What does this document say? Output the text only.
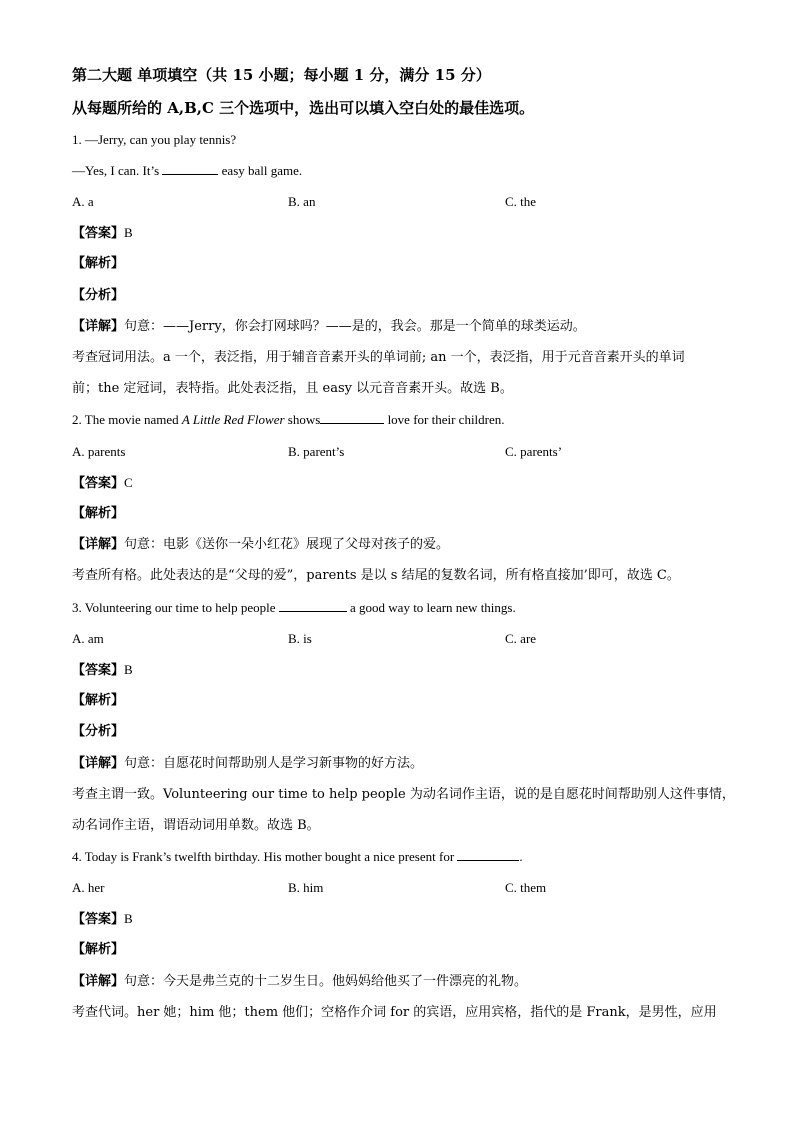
第二大题 单项填空（共 15 小题；每小题 1 分，满分 15 分）
从每题所给的 A,B,C 三个选项中，选出可以填入空白处的最佳选项。
1. —Jerry, can you play tennis?
—Yes, I can. It’s	easy ball game.
A. a	B. an	C. the
【答案】B
【解析】
【分析】
【详解】句意：——Jerry，你会打网球吗？——是的，我会。那是一个简单的球类运动。
考查冠词用法。a 一个，表泛指，用于辅音音素开头的单词前; an 一个，表泛指，用于元音音素开头的单词
前；the 定冠词，表特指。此处表泛指，且 easy 以元音音素开头。故选 B。
2. The movie named A Little Red Flower shows	love for their children.
A. parents	B. parent’s	C. parents’
【答案】C
【解析】
【详解】句意：电影《送你一朵小红花》展现了父母对孩子的爱。
考查所有格。此处表达的是“父母的爱”，parents 是以 s 结尾的复数名词，所有格直接加’即可，故选 C。
3. Volunteering our time to help people	a good way to learn new things.
A. am	B. is	C. are
【答案】B
【解析】
【分析】
【详解】句意：自愿花时间帮助别人是学习新事物的好方法。
考查主谓一致。Volunteering our time to help people 为动名词作主语，说的是自愿花时间帮助别人这件事情，
动名词作主语，谓语动词用单数。故选 B。
4. Today is Frank’s twelfth birthday. His mother bought a nice present for	.
A. her	B. him	C. them
【答案】B
【解析】
【详解】句意：今天是弗兰克的十二岁生日。他妈妈给他买了一件漂亮的礼物。
考查代词。her 她；him 他；them 他们；空格作介词 for 的宾语，应用宾格，指代的是 Frank，是男性，应用
